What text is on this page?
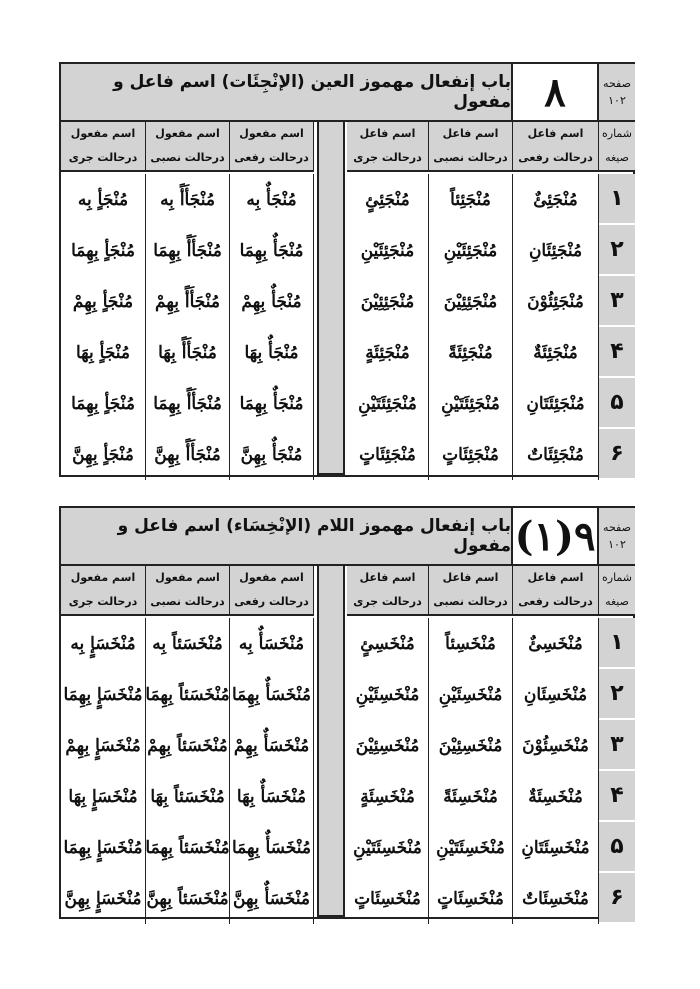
باب إنفعال مهموز العين (الإنْجِئَات) اسم فاعل و مفعول ۸	صفحه
۱۰۲
شماره
صیغه
اسم فاعل
درحالت رفعی
اسم فاعل
درحالت نصبی
اسم فاعل
درحالت جری
اسم مفعول
درحالت رفعی
اسم مفعول
درحالت نصبی
اسم مفعول
درحالت جری
۱
مُنْجَئِئٌ
مُنْجَئِئاً
مُنْجَئِئٍ
مُنْجَأٌ بِه
مُنْجَأَأً بِه
مُنْجَأٍ بِه
۲
مُنْجَئِئَانِ
مُنْجَئِئَیْنِ
مُنْجَئِئَیْنِ
مُنْجَأٌ بِهِمَا
مُنْجَأَأً بِهِمَا
مُنْجَأٍ بِهِمَا
۳
مُنْجَئِئُوْنَ
مُنْجَئِئِیْنَ
مُنْجَئِئِیْنَ
مُنْجَأٌ بِهِمْ
مُنْجَأَأً بِهِمْ
مُنْجَأٍ بِهِمْ
۴
مُنْجَئِئَةٌ
مُنْجَئِئَةً
مُنْجَئِئَةٍ
مُنْجَأٌ بِهَا
مُنْجَأَأً بِهَا
مُنْجَأٍ بِهَا
۵
مُنْجَئِئَتَانِ
مُنْجَئِئَتَیْنِ
مُنْجَئِئَتَیْنِ
مُنْجَأٌ بِهِمَا
مُنْجَأَأً بِهِمَا
مُنْجَأٍ بِهِمَا
۶
مُنْجَئِئَاتٌ
مُنْجَئِئَاتٍ
مُنْجَئِئَاتٍ
مُنْجَأٌ بِهِنَّ
مُنْجَأَأً بِهِنَّ
مُنْجَأٍ بِهِنَّ
باب إنفعال مهموز اللام (الإنْخِسَاء) اسم فاعل و مفعول ۹(۱) صفحه
۱۰۲
شماره
صیغه
اسم فاعل
درحالت رفعی
اسم فاعل
درحالت نصبی
اسم فاعل
درحالت جری
اسم مفعول
درحالت رفعی
اسم مفعول
درحالت نصبی
اسم مفعول
درحالت جری
۱
مُنْخَسِئٌ
مُنْخَسِئاً
مُنْخَسِئٍ
مُنْخَسَأٌ بِه
مُنْخَسَئاً بِه
مُنْخَسَإٍ بِه
۲
مُنْخَسِئَانِ
مُنْخَسِئَیْنِ
مُنْخَسِئَیْنِ
مُنْخَسَأٌ بِهِمَا
مُنْخَسَئاً بِهِمَا
مُنْخَسَإٍ بِهِمَا
۳
مُنْخَسِئُوْنَ
مُنْخَسِئِیْنَ
مُنْخَسِئِیْنَ
مُنْخَسَأٌ بِهِمْ
مُنْخَسَئاً بِهِمْ
مُنْخَسَإٍ بِهِمْ
۴
مُنْخَسِئَةٌ
مُنْخَسِئَةً
مُنْخَسِئَةٍ
مُنْخَسَأٌ بِهَا
مُنْخَسَئاً بِهَا
مُنْخَسَإٍ بِهَا
۵
مُنْخَسِئَتَانِ
مُنْخَسِئَتَیْنِ
مُنْخَسِئَتَیْنِ
مُنْخَسَأٌ بِهِمَا
مُنْخَسَئاً بِهِمَا
مُنْخَسَإٍ بِهِمَا
۶
مُنْخَسِئَاتٌ
مُنْخَسِئَاتٍ
مُنْخَسِئَاتٍ
مُنْخَسَأٌ بِهِنَّ
مُنْخَسَئاً بِهِنَّ
مُنْخَسَإٍ بِهِنَّ
